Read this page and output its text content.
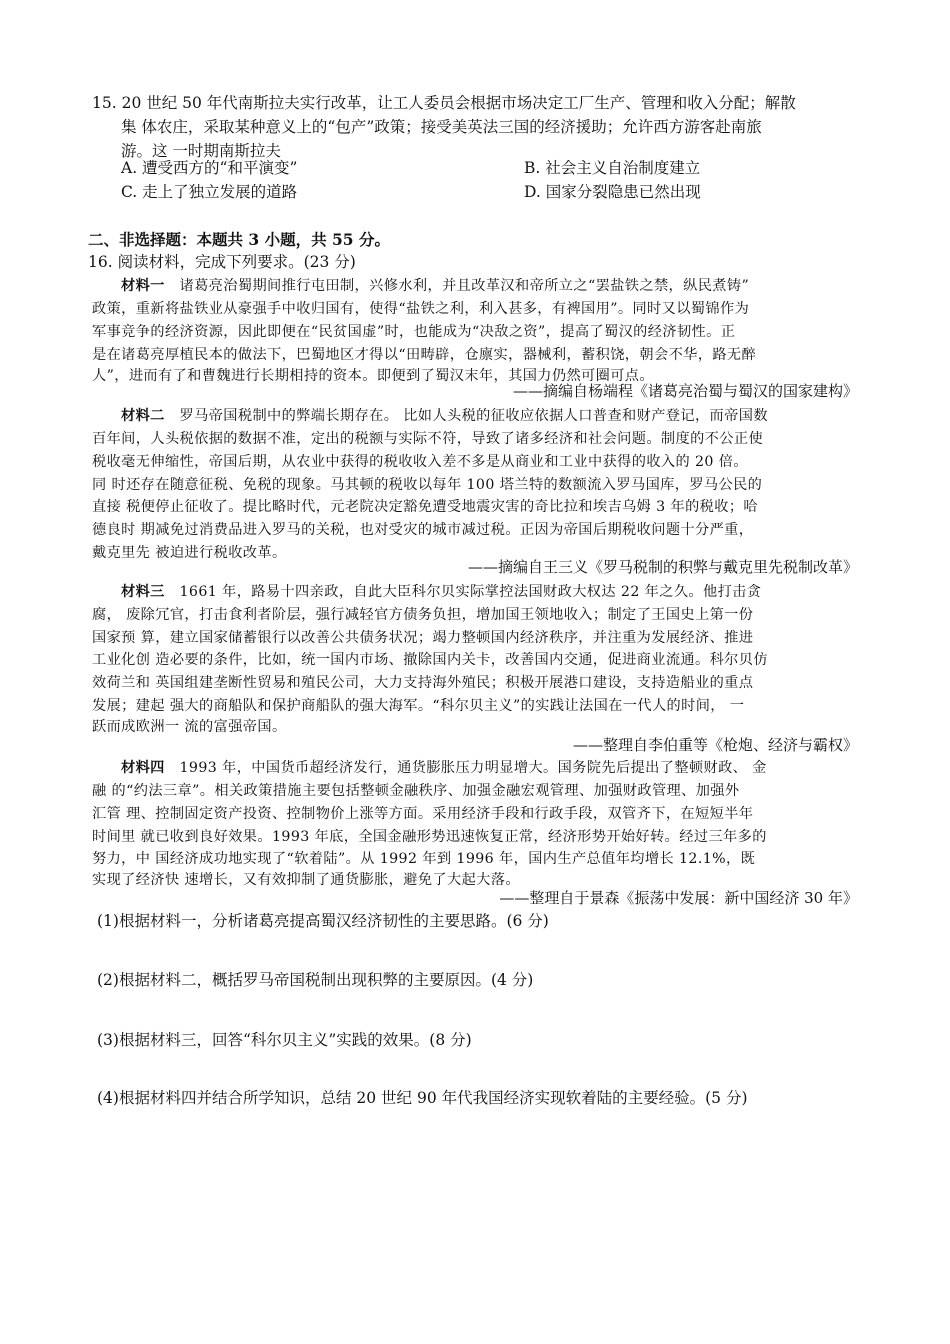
15. 20 世纪 50 年代南斯拉夫实行改革，让工人委员会根据市场决定工厂生产、管理和收入分配；解散
集 体农庄，采取某种意义上的“包产”政策；接受美英法三国的经济援助；允许西方游客赴南旅
游。这 一时期南斯拉夫
A. 遭受西方的“和平演变”	B. 社会主义自治制度建立
C. 走上了独立发展的道路	D. 国家分裂隐患已然出现
二、非选择题：本题共 3 小题，共 55 分。
16. 阅读材料，完成下列要求。(23 分)
材料一 诸葛亮治蜀期间推行屯田制，兴修水利，并且改革汉和帝所立之“罢盐铁之禁，纵民煮铸”
政策，重新将盐铁业从豪强手中收归国有，使得“盐铁之利，利入甚多，有裨国用”。同时又以蜀锦作为
军事竞争的经济资源，因此即便在“民贫国虚”时，也能成为“决敌之资”，提高了蜀汉的经济韧性。正
是在诸葛亮厚植民本的做法下，巴蜀地区才得以“田畴辟，仓廪实，器械利，蓄积饶，朝会不华，路无醉
人”，进而有了和曹魏进行长期相持的资本。即便到了蜀汉末年，其国力仍然可圈可点。
——摘编自杨端程《诸葛亮治蜀与蜀汉的国家建构》
材料二 罗马帝国税制中的弊端长期存在。 比如人头税的征收应依据人口普查和财产登记，而帝国数
百年间，人头税依据的数据不准，定出的税额与实际不符，导致了诸多经济和社会问题。制度的不公正使
税收毫无伸缩性，帝国后期，从农业中获得的税收收入差不多是从商业和工业中获得的收入的 20 倍。
同 时还存在随意征税、免税的现象。马其顿的税收以每年 100 塔兰特的数额流入罗马国库，罗马公民的
直接 税便停止征收了。提比略时代，元老院决定豁免遭受地震灾害的奇比拉和埃吉乌姆 3 年的税收；哈
德良时 期减免过消费品进入罗马的关税，也对受灾的城市减过税。正因为帝国后期税收问题十分严重，
戴克里先 被迫进行税收改革。
——摘编自王三义《罗马税制的积弊与戴克里先税制改革》
材料三 1661 年，路易十四亲政，自此大臣科尔贝实际掌控法国财政大权达 22 年之久。他打击贪
腐， 废除冗官，打击食利者阶层，强行减轻官方债务负担，增加国王领地收入；制定了王国史上第一份
国家预 算，建立国家储蓄银行以改善公共债务状况；竭力整顿国内经济秩序，并注重为发展经济、推进
工业化创 造必要的条件，比如，统一国内市场、撤除国内关卡，改善国内交通，促进商业流通。科尔贝仿
效荷兰和 英国组建垄断性贸易和殖民公司，大力支持海外殖民；积极开展港口建设，支持造船业的重点
发展；建起 强大的商船队和保护商船队的强大海军。“科尔贝主义”的实践让法国在一代人的时间， 一
跃而成欧洲一 流的富强帝国。
——整理自李伯重等《枪炮、经济与霸权》
材料四 1993 年，中国货币超经济发行，通货膨胀压力明显增大。国务院先后提出了整顿财政、 金
融 的“约法三章”。相关政策措施主要包括整顿金融秩序、加强金融宏观管理、加强财政管理、加强外
汇管 理、控制固定资产投资、控制物价上涨等方面。采用经济手段和行政手段，双管齐下，在短短半年
时间里 就已收到良好效果。1993 年底，全国金融形势迅速恢复正常，经济形势开始好转。经过三年多的
努力，中 国经济成功地实现了“软着陆”。从 1992 年到 1996 年，国内生产总值年均增长 12.1%，既
实现了经济快 速增长，又有效抑制了通货膨胀，避免了大起大落。
——整理自于景森《振荡中发展：新中国经济 30 年》
(1)根据材料一，分析诸葛亮提高蜀汉经济韧性的主要思路。(6 分)
(2)根据材料二，概括罗马帝国税制出现积弊的主要原因。(4 分)
(3)根据材料三，回答“科尔贝主义”实践的效果。(8 分)
(4)根据材料四并结合所学知识，总结 20 世纪 90 年代我国经济实现软着陆的主要经验。(5 分)
